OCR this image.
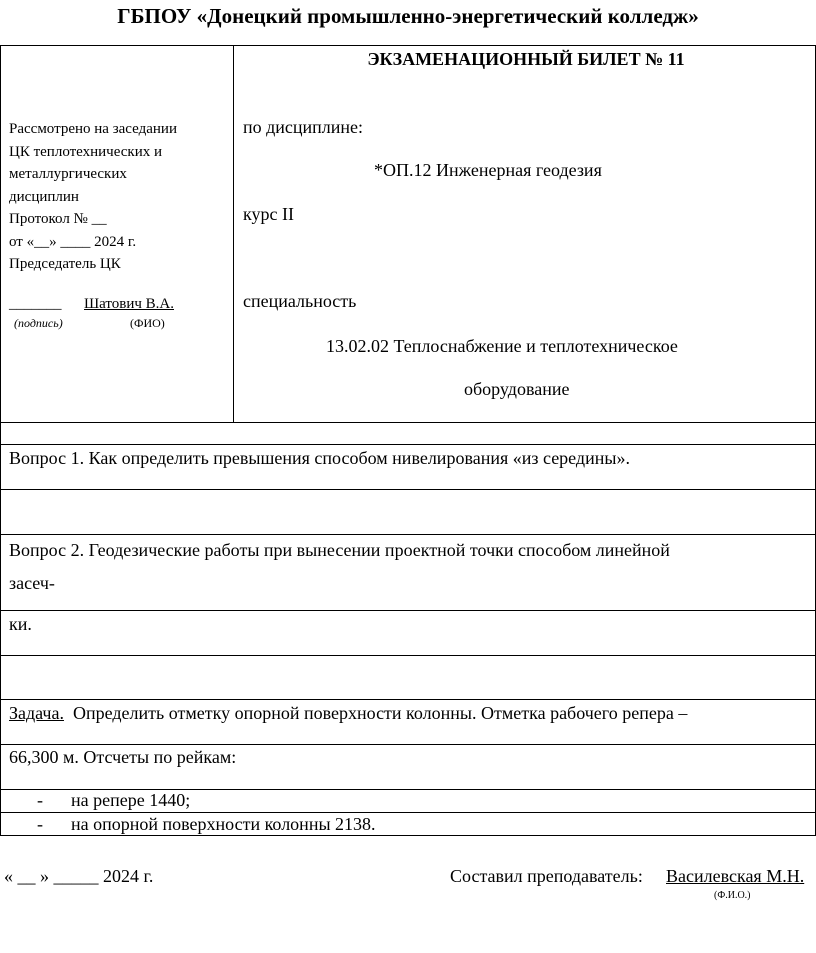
ГБПОУ «Донецкий промышленно-энергетический колледж»
Рассмотрено на заседании
ЦК теплотехнических и
металлургических
дисциплин
Протокол № __
от «__» ____ 2024 г.
Председатель ЦК
_______ Шатович В.А.
(подпись)	(ФИО)
ЭКЗАМЕНАЦИОННЫЙ БИЛЕТ № 11
по дисциплине:
*ОП.12 Инженерная геодезия
курс II
специальность
13.02.02 Теплоснабжение и теплотехническое
оборудование
Вопрос 1. Как определить превышения способом нивелирования «из середины».
Вопрос 2. Геодезические работы при вынесении проектной точки способом линейной
засеч-
ки.
Задача.  Определить отметку опорной поверхности колонны. Отметка рабочего репера –
66,300 м. Отсчеты по рейкам:
- на репере 1440;
- на опорной поверхности колонны 2138.
« __ » _____ 2024 г.	Составил преподаватель: Василевская М.Н.
(Ф.И.О.)
